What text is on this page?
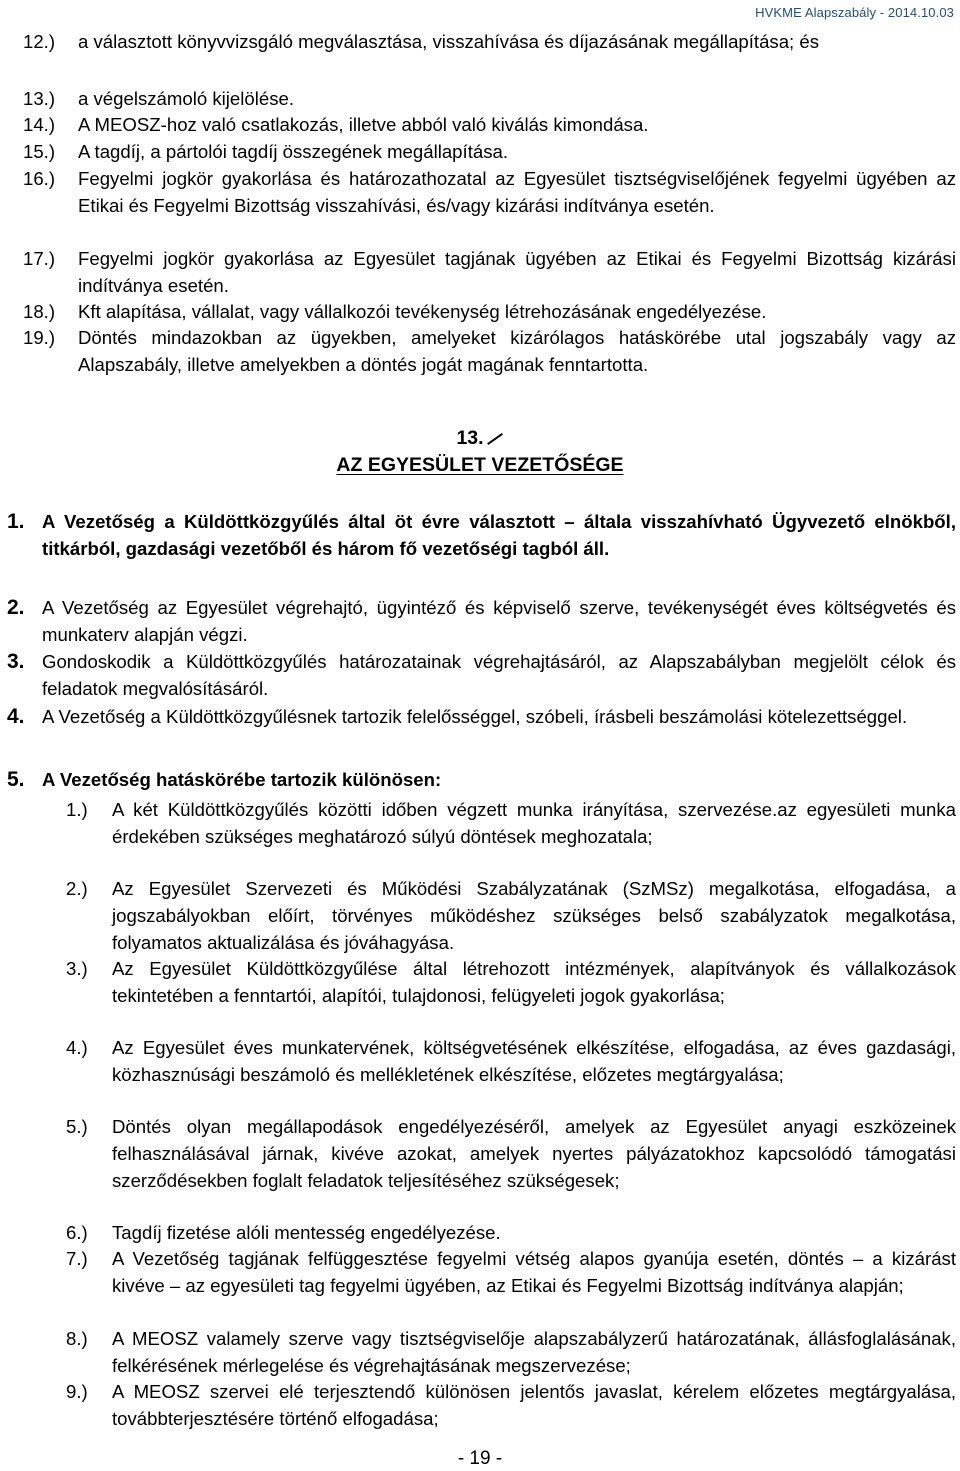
HVKME Alapszabály - 2014.10.03
12.) a választott könyvvizsgáló megválasztása, visszahívása és díjazásának megállapítása; és
13.) a végelszámoló kijelölése.
14.) A MEOSZ-hoz való csatlakozás, illetve abból való kiválás kimondása.
15.) A tagdíj, a pártolói tagdíj összegének megállapítása.
16.) Fegyelmi jogkör gyakorlása és határozathozatal az Egyesület tisztségviselőjének fegyelmi ügyében az Etikai és Fegyelmi Bizottság visszahívási, és/vagy kizárási indítványa esetén.
17.) Fegyelmi jogkör gyakorlása az Egyesület tagjának ügyében az Etikai és Fegyelmi Bizottság kizárási indítványa esetén.
18.) Kft alapítása, vállalat, vagy vállalkozói tevékenység létrehozásának engedélyezése.
19.) Döntés mindazokban az ügyekben, amelyeket kizárólagos hatáskörébe utal jogszabály vagy az Alapszabály, illetve amelyekben a döntés jogát magának fenntartotta.
13.
AZ EGYESÜLET VEZETŐSÉGE
1. A Vezetőség a Küldöttközgyűlés által öt évre választott – általa visszahívható Ügyvezető elnökből, titkárból, gazdasági vezetőből és három fő vezetőségi tagból áll.
2. A Vezetőség az Egyesület végrehajtó, ügyintéző és képviselő szerve, tevékenységét éves költségvetés és munkaterv alapján végzi.
3. Gondoskodik a Küldöttközgyűlés határozatainak végrehajtásáról, az Alapszabályban megjelölt célok és feladatok megvalósításáról.
4. A Vezetőség a Küldöttközgyűlésnek tartozik felelősséggel, szóbeli, írásbeli beszámolási kötelezettséggel.
5. A Vezetőség hatáskörébe tartozik különösen:
1.) A két Küldöttközgyűlés közötti időben végzett munka irányítása, szervezése.az egyesületi munka érdekében szükséges meghatározó súlyú döntések meghozatala;
2.) Az Egyesület Szervezeti és Működési Szabályzatának (SzMSz) megalkotása, elfogadása, a jogszabályokban előírt, törvényes működéshez szükséges belső szabályzatok megalkotása, folyamatos aktualizálása és jóváhagyása.
3.) Az Egyesület Küldöttközgyűlése által létrehozott intézmények, alapítványok és vállalkozások tekintetében a fenntartói, alapítói, tulajdonosi, felügyeleti jogok gyakorlása;
4.) Az Egyesület éves munkatervének, költségvetésének elkészítése, elfogadása, az éves gazdasági, közhasznúsági beszámoló és mellékletének elkészítése, előzetes megtárgyalása;
5.) Döntés olyan megállapodások engedélyezéséről, amelyek az Egyesület anyagi eszközeinek felhasználásával járnak, kivéve azokat, amelyek nyertes pályázatokhoz kapcsolódó támogatási szerződésekben foglalt feladatok teljesítéséhez szükségesek;
6.) Tagdíj fizetése alóli mentesség engedélyezése.
7.) A Vezetőség tagjának felfüggesztése fegyelmi vétség alapos gyanúja esetén, döntés – a kizárást kivéve – az egyesületi tag fegyelmi ügyében, az Etikai és Fegyelmi Bizottság indítványa alapján;
8.) A MEOSZ valamely szerve vagy tisztségviselője alapszabályzerű határozatának, állásfoglalásának, felkérésének mérlegelése és végrehajtásának megszervezése;
9.) A MEOSZ szervei elé terjesztendő különösen jelentős javaslat, kérelem előzetes megtárgyalása, továbbterjesztésére történő elfogadása;
- 19 -
